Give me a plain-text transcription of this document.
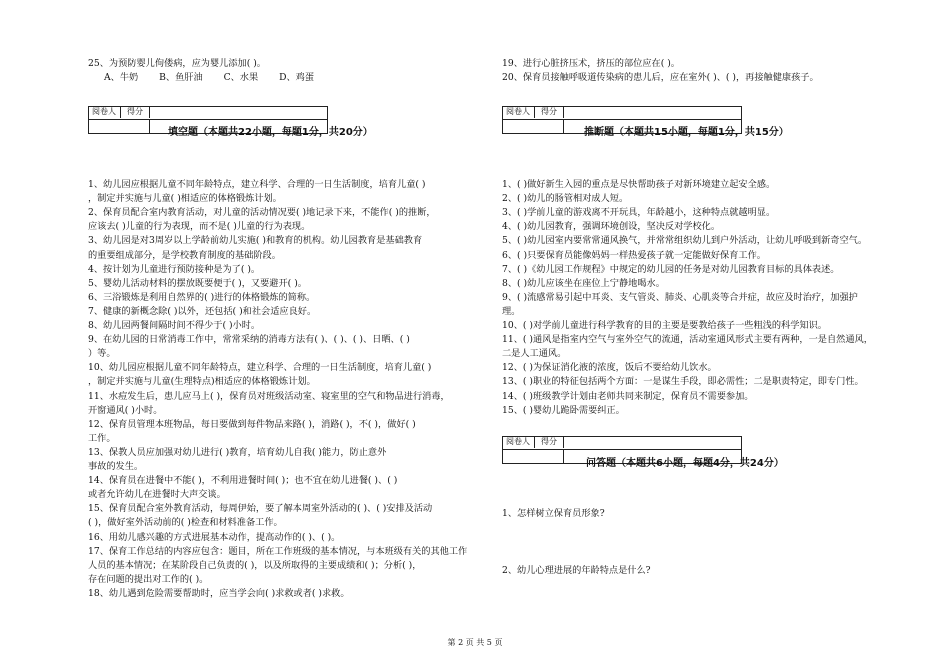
25、为预防婴儿佝偻病，应为婴儿添加( )。
A、牛奶 B、鱼肝油 C、水果 D、鸡蛋
阅卷人	得分
填空题（本题共22小题，每题1分，共20分）
1、幼儿园应根据儿童不同年龄特点，建立科学、合理的一日生活制度，培育儿童( )
，制定并实施与儿童( )相适应的体格锻炼计划。
2、保育员配合室内教育活动，对儿童的活动情况要( )地记录下来，不能作( )的推断，
应该去( )儿童的行为表现，而不是( )儿童的行为表现。
3、幼儿园是对3周岁以上学龄前幼儿实施( )和教育的机构。幼儿园教育是基础教育
的重要组成部分，是学校教育制度的基础阶段。
4、按计划为儿童进行预防接种是为了( )。
5、婴幼儿活动材料的摆放既要便于( )，又要避开( )。
6、三浴锻炼是利用自然界的( )进行的体格锻炼的简称。
7、健康的新概念除( )以外，还包括( )和社会适应良好。
8、幼儿园两餐间隔时间不得少于( )小时。
9、在幼儿园的日常消毒工作中，常常采纳的消毒方法有( )、( )、( )、日晒、( )
）等。
10、幼儿园应根据儿童不同年龄特点，建立科学、合理的一日生活制度，培育儿童( )
，制定并实施与儿童(生理特点)相适应的体格锻炼计划。
11、水痘发生后，患儿应马上( )，保育员对班级活动室、寝室里的空气和物品进行消毒，
开窗通风( )小时。
12、保育员管理本班物品，每日要做到每件物品来路( )，消路( )，不( )，做好( )
工作。
13、保教人员应加强对幼儿进行( )教育，培育幼儿自我( )能力，防止意外
事故的发生。
14、保育员在进餐中不能( )，不利用进餐时间( )；也不宜在幼儿进餐( )、( )
或者允许幼儿在进餐时大声交谈。
15、保育员配合室外教育活动，每周伊始，要了解本周室外活动的( )、( )安排及活动
( )，做好室外活动前的( )检查和材料准备工作。
16、用幼儿感兴趣的方式进展基本动作，提高动作的( )、( )。
17、保育工作总结的内容应包含：题目，所在工作班级的基本情况，与本班级有关的其他工作
人员的基本情况；在某阶段自己负责的( )，以及所取得的主要成绩和( )；分析( )，
存在问题的提出对工作的( )。
18、幼儿遇到危险需要帮助时，应当学会向( )求救或者( )求救。
19、进行心脏挤压术，挤压的部位应在( )。
20、保育员接触呼吸道传染病的患儿后，应在室外( )、( )，再接触健康孩子。
阅卷人	得分
推断题（本题共15小题，每题1分，共15分）
1、( )做好新生入园的重点是尽快帮助孩子对新环境建立起安全感。
2、( )幼儿的肠管相对成人短。
3、( )学前儿童的游戏离不开玩具，年龄越小，这种特点就越明显。
4、( )幼儿园教育，强调环境创设，坚决反对学校化。
5、( )幼儿园室内要常常通风换气，并常常组织幼儿到户外活动，让幼儿呼吸到新奇空气。
6、( )只要保育员能像妈妈一样热爱孩子就一定能做好保育工作。
7、( )《幼儿园工作规程》中规定的幼儿园的任务是对幼儿园教育目标的具体表述。
8、( )幼儿应该坐在座位上宁静地喝水。
9、( )流感常易引起中耳炎、支气管炎、肺炎、心肌炎等合并症，故应及时治疗，加强护
理。
10、( )对学前儿童进行科学教育的目的主要是要教给孩子一些粗浅的科学知识。
11、( )通风是指室内空气与室外空气的流通，活动室通风形式主要有两种，一是自然通风，
二是人工通风。
12、( )为保证消化液的浓度，饭后不要给幼儿饮水。
13、( )职业的特征包括两个方面：一是谋生手段，即必需性；二是职责特定，即专门性。
14、( )班级教学计划由老师共同来制定，保育员不需要参加。
15、( )婴幼儿跪卧需要纠正。
阅卷人	得分
问答题（本题共6小题，每题4分，共24分）
1、怎样树立保育员形象?
2、幼儿心理进展的年龄特点是什么?
第 2 页 共 5 页
